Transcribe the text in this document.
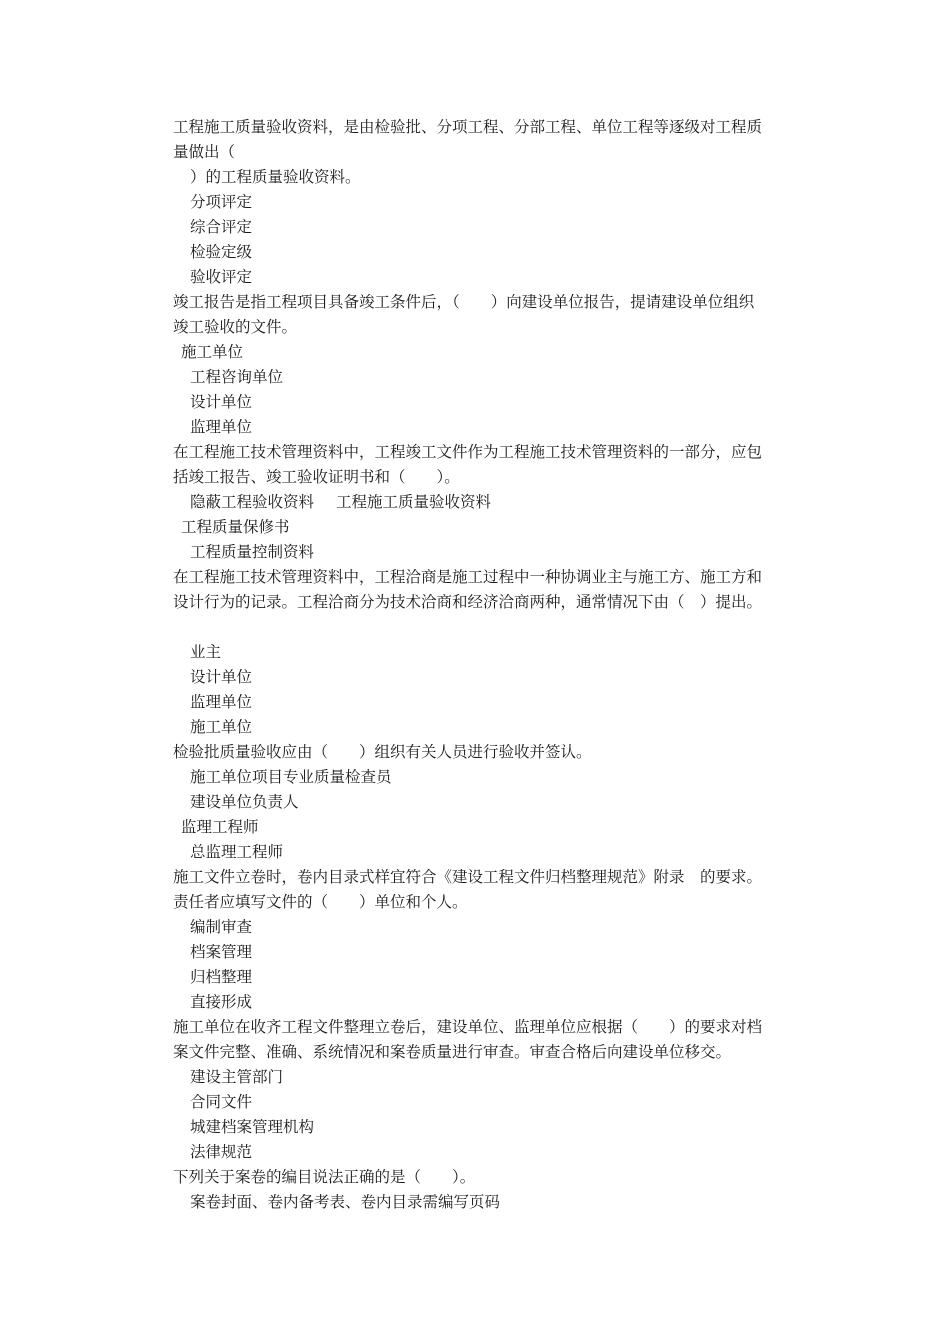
工程施工质量验收资料，是由检验批、分项工程、分部工程、单位工程等逐级对工程质
量做出（
）的工程质量验收资料。
分项评定
综合评定
检验定级
验收评定
竣工报告是指工程项目具备竣工条件后，（　　）向建设单位报告，提请建设单位组织
竣工验收的文件。
施工单位
工程咨询单位
设计单位
监理单位
在工程施工技术管理资料中，工程竣工文件作为工程施工技术管理资料的一部分，应包
括竣工报告、竣工验收证明书和（　　）。
隐蔽工程验收资料 工程施工质量验收资料
工程质量保修书
工程质量控制资料
在工程施工技术管理资料中，工程洽商是施工过程中一种协调业主与施工方、施工方和
设计行为的记录。工程洽商分为技术洽商和经济洽商两种，通常情况下由（　）提出。
业主
设计单位
监理单位
施工单位
检验批质量验收应由（　　）组织有关人员进行验收并签认。
施工单位项目专业质量检查员
建设单位负责人
监理工程师
总监理工程师
施工文件立卷时，卷内目录式样宜符合《建设工程文件归档整理规范》附录　的要求。
责任者应填写文件的（　　）单位和个人。
编制审查
档案管理
归档整理
直接形成
施工单位在收齐工程文件整理立卷后，建设单位、监理单位应根据（　　）的要求对档
案文件完整、准确、系统情况和案卷质量进行审查。审查合格后向建设单位移交。
建设主管部门
合同文件
城建档案管理机构
法律规范
下列关于案卷的编目说法正确的是（　　）。
案卷封面、卷内备考表、卷内目录需编写页码
